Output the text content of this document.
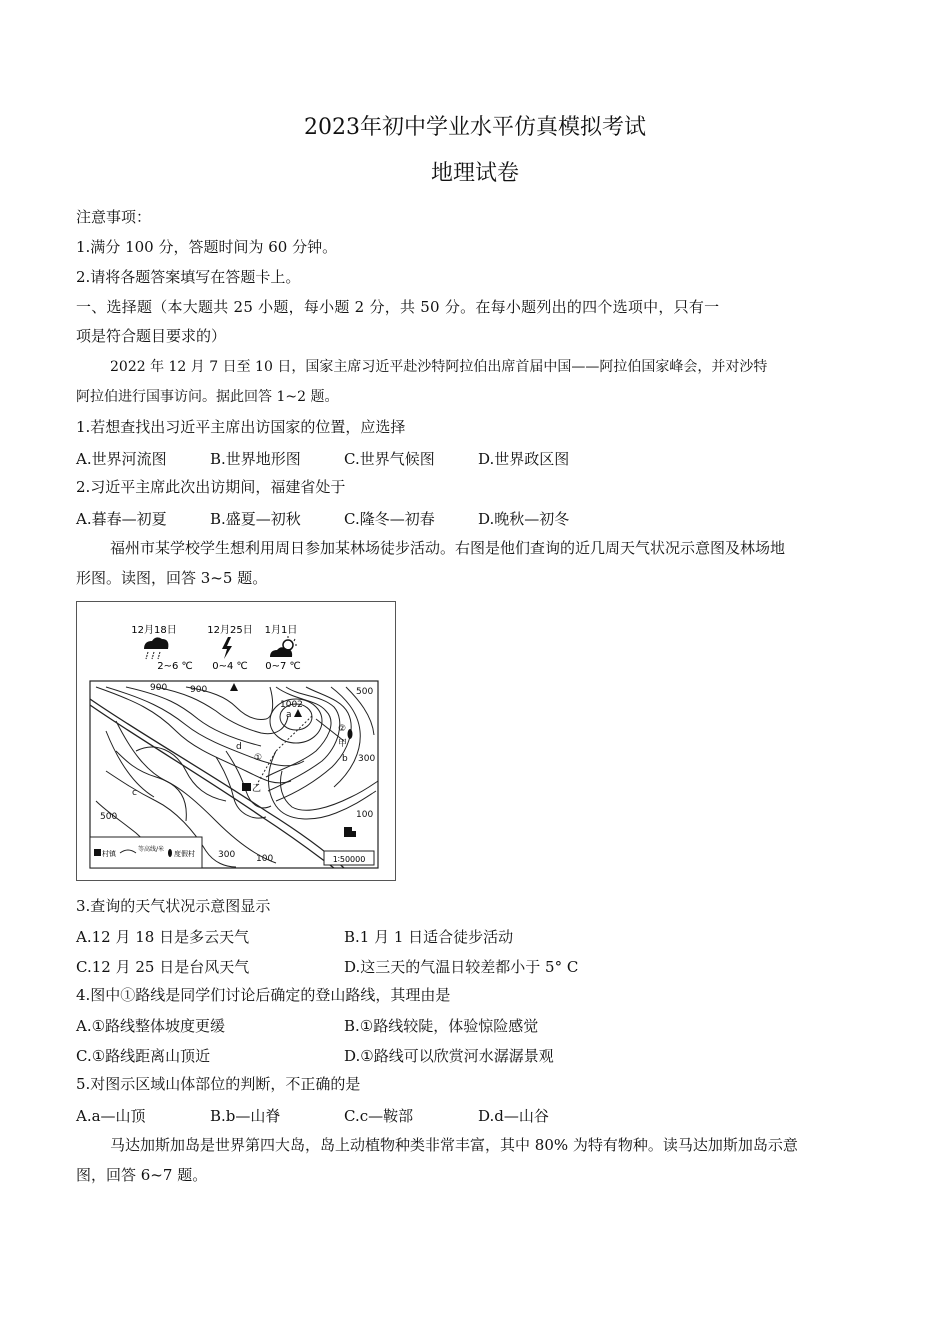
2023年初中学业水平仿真模拟考试
地理试卷
注意事项：
1.满分 100 分，答题时间为 60 分钟。
2.请将各题答案填写在答题卡上。
一、选择题（本大题共 25 小题，每小题 2 分，共 50 分。在每小题列出的四个选项中，只有一
项是符合题目要求的）
2022 年 12 月 7 日至 10 日，国家主席习近平赴沙特阿拉伯出席首届中国——阿拉伯国家峰会，并对沙特
阿拉伯进行国事访问。据此回答 1~2 题。
1.若想查找出习近平主席出访国家的位置，应选择
A.世界河流图	B.世界地形图	C.世界气候图	D.世界政区图
2.习近平主席此次出访期间，福建省处于
A.暮春—初夏	B.盛夏—初秋	C.隆冬—初春	D.晚秋—初冬
福州市某学校学生想利用周日参加某林场徒步活动。右图是他们查询的近几周天气状况示意图及林场地
形图。读图，回答 3~5 题。
12月18日
2~6 ℃
12月25日
0~4 ℃
1月1日
0~7 ℃
900	900	500
1002
a
d
①
②
甲
b 300
乙
c
500	100
300 100
村镇
等高线/米
度假村
1∶50000
3.查询的天气状况示意图显示
A.12 月 18 日是多云天气	B.1 月 1 日适合徒步活动
C.12 月 25 日是台风天气	D.这三天的气温日较差都小于 5° C
4.图中①路线是同学们讨论后确定的登山路线，其理由是
A.①路线整体坡度更缓	B.①路线较陡，体验惊险感觉
C.①路线距离山顶近	D.①路线可以欣赏河水潺潺景观
5.对图示区域山体部位的判断，不正确的是
A.a—山顶	B.b—山脊	C.c—鞍部	D.d—山谷
马达加斯加岛是世界第四大岛，岛上动植物种类非常丰富，其中 80% 为特有物种。读马达加斯加岛示意
图，回答 6~7 题。
